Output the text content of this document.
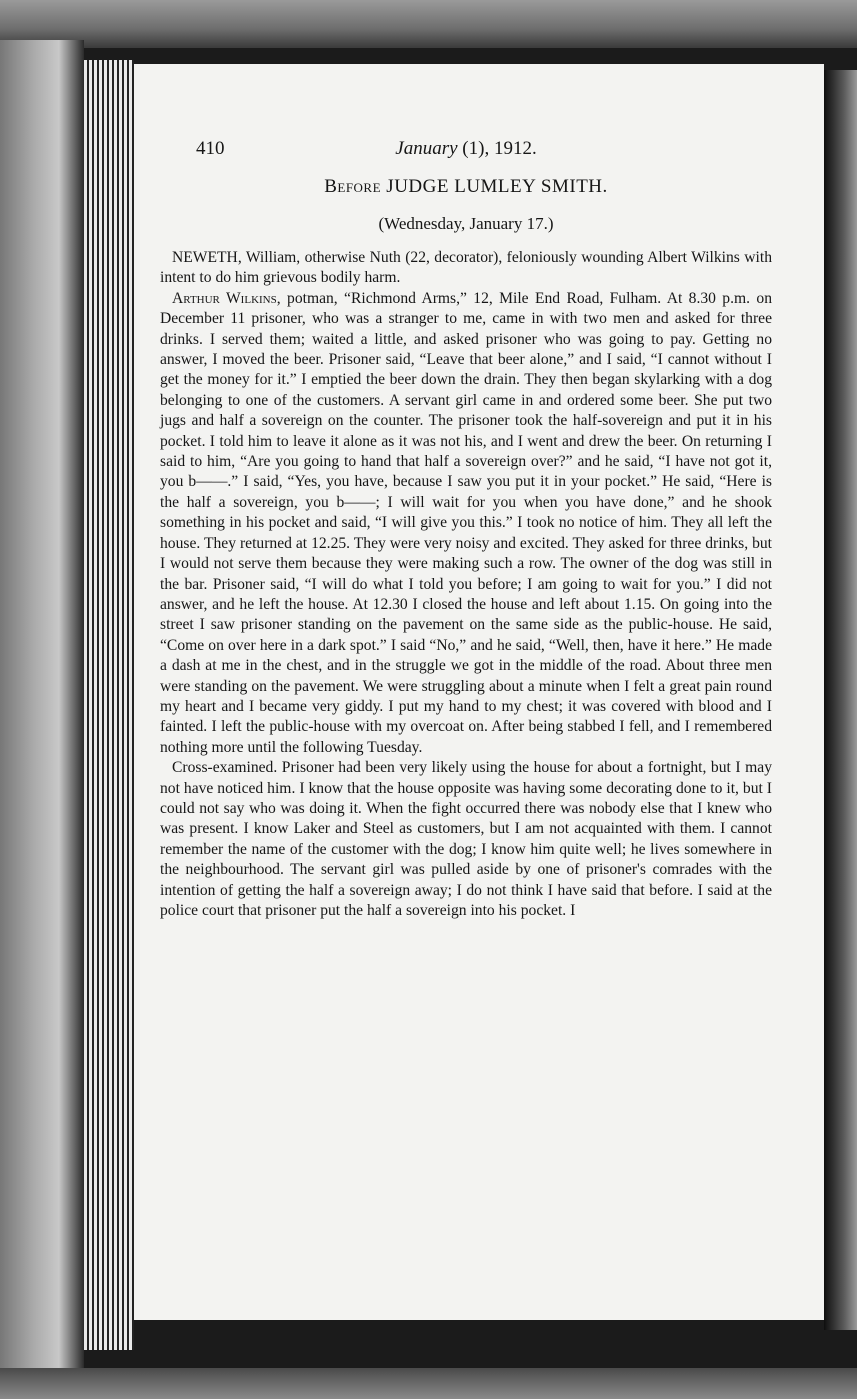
410	January (1), 1912.
Before JUDGE LUMLEY SMITH.
(Wednesday, January 17.)

NEWETH, William, otherwise Nuth (22, decorator), feloniously wounding Albert Wilkins with intent to do him grievous bodily harm.

Arthur Wilkins, potman, “Richmond Arms,” 12, Mile End Road, Fulham. At 8.30 p.m. on December 11 prisoner, who was a stranger to me, came in with two men and asked for three drinks. I served them; waited a little, and asked prisoner who was going to pay. Getting no answer, I moved the beer. Prisoner said, “Leave that beer alone,” and I said, “I cannot without I get the money for it.” I emptied the beer down the drain. They then began skylarking with a dog belonging to one of the customers. A servant girl came in and ordered some beer. She put two jugs and half a sovereign on the counter. The prisoner took the half-sovereign and put it in his pocket. I told him to leave it alone as it was not his, and I went and drew the beer. On returning I said to him, “Are you going to hand that half a sovereign over?” and he said, “I have not got it, you b——.” I said, “Yes, you have, because I saw you put it in your pocket.” He said, “Here is the half a sovereign, you b——; I will wait for you when you have done,” and he shook something in his pocket and said, “I will give you this.” I took no notice of him. They all left the house. They returned at 12.25. They were very noisy and excited. They asked for three drinks, but I would not serve them because they were making such a row. The owner of the dog was still in the bar. Prisoner said, “I will do what I told you before; I am going to wait for you.” I did not answer, and he left the house. At 12.30 I closed the house and left about 1.15. On going into the street I saw prisoner standing on the pavement on the same side as the public-house. He said, “Come on over here in a dark spot.” I said “No,” and he said, “Well, then, have it here.” He made a dash at me in the chest, and in the struggle we got in the middle of the road. About three men were standing on the pavement. We were struggling about a minute when I felt a great pain round my heart and I became very giddy. I put my hand to my chest; it was covered with blood and I fainted. I left the public-house with my overcoat on. After being stabbed I fell, and I remembered nothing more until the following Tuesday.

Cross-examined. Prisoner had been very likely using the house for about a fortnight, but I may not have noticed him. I know that the house opposite was having some decorating done to it, but I could not say who was doing it. When the fight occurred there was nobody else that I knew who was present. I know Laker and Steel as customers, but I am not acquainted with them. I cannot remember the name of the customer with the dog; I know him quite well; he lives somewhere in the neighbourhood. The servant girl was pulled aside by one of prisoner's comrades with the intention of getting the half a sovereign away; I do not think I have said that before. I said at the police court that prisoner put the half a sovereign into his pocket. I
